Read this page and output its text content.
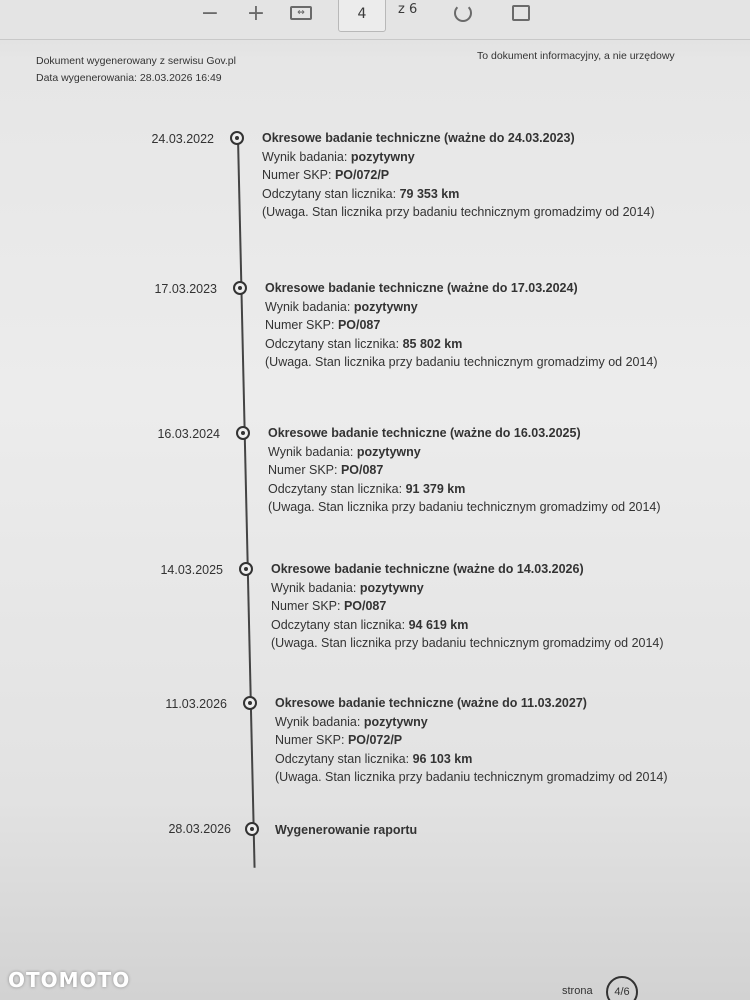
− +	↔	4	z 6
Dokument wygenerowany z serwisu Gov.pl
Data wygenerowania: 28.03.2026 16:49
To dokument informacyjny, a nie urzędowy
24.03.2022	Okresowe badanie techniczne (ważne do 24.03.2023)
Wynik badania: pozytywny
Numer SKP: PO/072/P
Odczytany stan licznika: 79 353 km
(Uwaga. Stan licznika przy badaniu technicznym gromadzimy od 2014)
17.03.2023	Okresowe badanie techniczne (ważne do 17.03.2024)
Wynik badania: pozytywny
Numer SKP: PO/087
Odczytany stan licznika: 85 802 km
(Uwaga. Stan licznika przy badaniu technicznym gromadzimy od 2014)
16.03.2024	Okresowe badanie techniczne (ważne do 16.03.2025)
Wynik badania: pozytywny
Numer SKP: PO/087
Odczytany stan licznika: 91 379 km
(Uwaga. Stan licznika przy badaniu technicznym gromadzimy od 2014)
14.03.2025	Okresowe badanie techniczne (ważne do 14.03.2026)
Wynik badania: pozytywny
Numer SKP: PO/087
Odczytany stan licznika: 94 619 km
(Uwaga. Stan licznika przy badaniu technicznym gromadzimy od 2014)
11.03.2026	Okresowe badanie techniczne (ważne do 11.03.2027)
Wynik badania: pozytywny
Numer SKP: PO/072/P
Odczytany stan licznika: 96 103 km
(Uwaga. Stan licznika przy badaniu technicznym gromadzimy od 2014)
28.03.2026	Wygenerowanie raportu
strona	4/6
OTOMOTO
